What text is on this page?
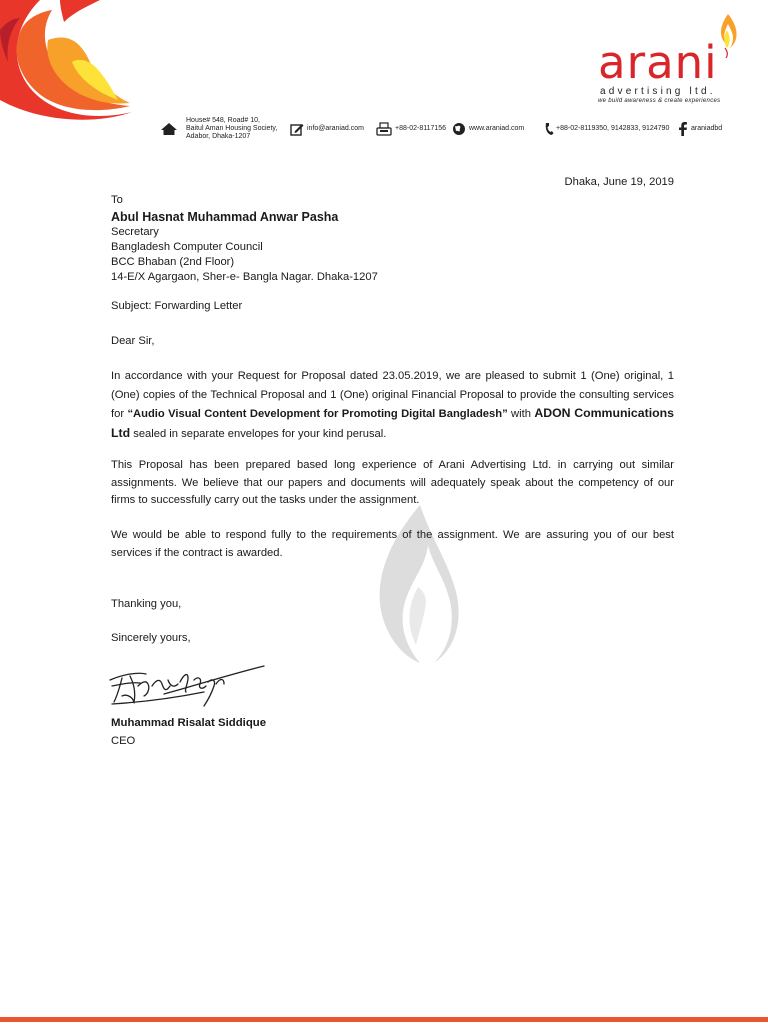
arani
advertising ltd.
we build awareness & create experiences
House# 548, Road# 10,
Baitul Aman Housing Society,
Adabor, Dhaka-1207
info@araniad.com	+88-02-8117156	www.araniad.com	+88-02-8119350, 9142833, 9124790	araniadbd
Dhaka, June 19, 2019
To
Abul Hasnat Muhammad Anwar Pasha
Secretary
Bangladesh Computer Council
BCC Bhaban (2nd Floor)
14-E/X Agargaon, Sher-e- Bangla Nagar. Dhaka-1207
Subject: Forwarding Letter
Dear Sir,
In accordance with your Request for Proposal dated 23.05.2019, we are pleased to submit 1 (One) original, 1 (One) copies of the Technical Proposal and 1 (One) original Financial Proposal to provide the consulting services for “Audio Visual Content Development for Promoting Digital Bangladesh” with ADON Communications Ltd sealed in separate envelopes for your kind perusal.
This Proposal has been prepared based long experience of Arani Advertising Ltd. in carrying out similar assignments. We believe that our papers and documents will adequately speak about the competency of our firms to successfully carry out the tasks under the assignment.
We would be able to respond fully to the requirements of the assignment. We are assuring you of our best services if the contract is awarded.
Thanking you,
Sincerely yours,
Muhammad Risalat Siddique
CEO
